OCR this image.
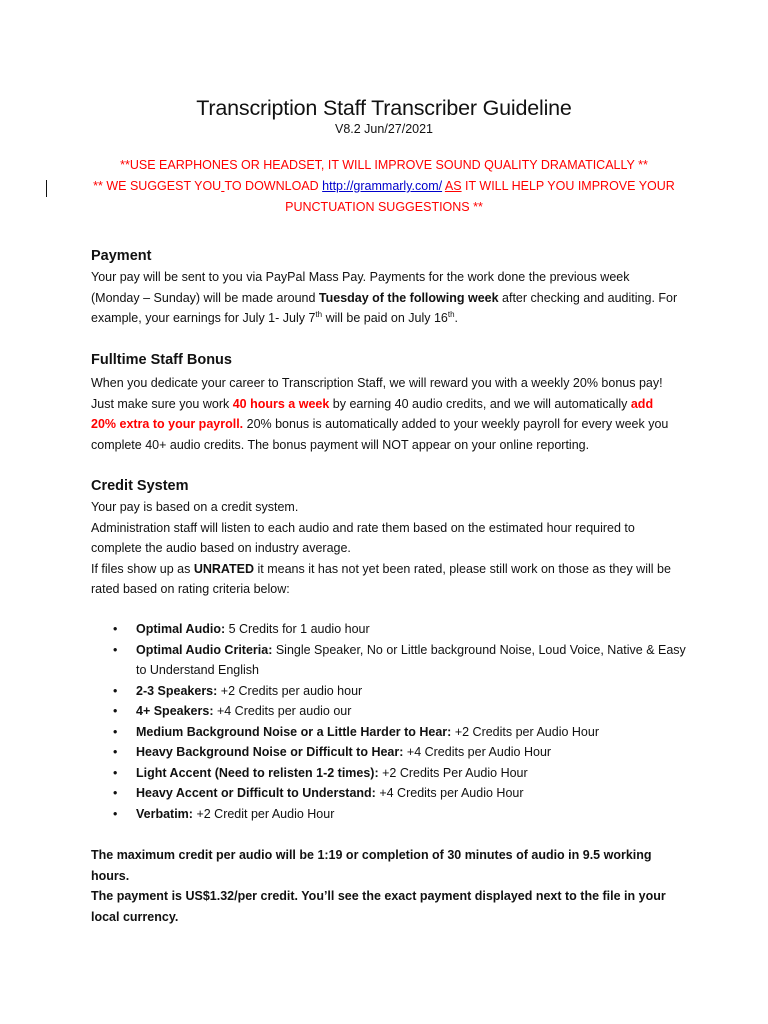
Transcription Staff Transcriber Guideline
V8.2 Jun/27/2021
**USE EARPHONES OR HEADSET, IT WILL IMPROVE SOUND QUALITY DRAMATICALLY **
** WE SUGGEST YOU TO DOWNLOAD http://grammarly.com/ AS IT WILL HELP YOU IMPROVE YOUR
PUNCTUATION SUGGESTIONS **
Payment
Your pay will be sent to you via PayPal Mass Pay. Payments for the work done the previous week
(Monday – Sunday) will be made around Tuesday of the following week after checking and auditing. For
example, your earnings for July 1- July 7th will be paid on July 16th.
Fulltime Staff Bonus
When you dedicate your career to Transcription Staff, we will reward you with a weekly 20% bonus pay!
Just make sure you work 40 hours a week by earning 40 audio credits, and we will automatically add
20% extra to your payroll. 20% bonus is automatically added to your weekly payroll for every week you
complete 40+ audio credits. The bonus payment will NOT appear on your online reporting.
Credit System
Your pay is based on a credit system.
Administration staff will listen to each audio and rate them based on the estimated hour required to
complete the audio based on industry average.
If files show up as UNRATED it means it has not yet been rated, please still work on those as they will be
rated based on rating criteria below:
• Optimal Audio: 5 Credits for 1 audio hour
• Optimal Audio Criteria: Single Speaker, No or Little background Noise, Loud Voice, Native & Easy to Understand English
• 2-3 Speakers: +2 Credits per audio hour
• 4+ Speakers: +4 Credits per audio our
• Medium Background Noise or a Little Harder to Hear: +2 Credits per Audio Hour
• Heavy Background Noise or Difficult to Hear: +4 Credits per Audio Hour
• Light Accent (Need to relisten 1-2 times): +2 Credits Per Audio Hour
• Heavy Accent or Difficult to Understand: +4 Credits per Audio Hour
• Verbatim: +2 Credit per Audio Hour
The maximum credit per audio will be 1:19 or completion of 30 minutes of audio in 9.5 working hours.
The payment is US$1.32/per credit. You’ll see the exact payment displayed next to the file in your
local currency.
